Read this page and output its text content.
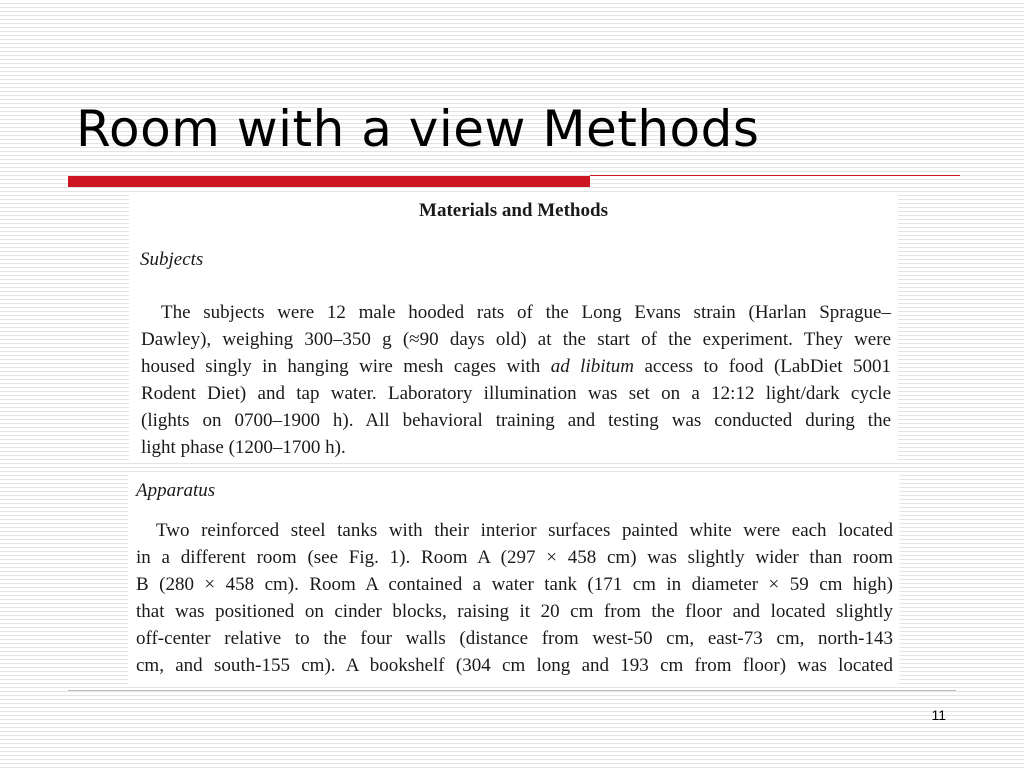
Room with a view Methods
Materials and Methods
Subjects
The subjects were 12 male hooded rats of the Long Evans strain (Harlan Sprague–
Dawley), weighing 300–350 g (≈90 days old) at the start of the experiment. They were
housed singly in hanging wire mesh cages with ad libitum access to food (LabDiet 5001
Rodent Diet) and tap water. Laboratory illumination was set on a 12:12 light/dark cycle
(lights on 0700–1900 h). All behavioral training and testing was conducted during the
light phase (1200–1700 h).
Apparatus
Two reinforced steel tanks with their interior surfaces painted white were each located
in a different room (see Fig. 1). Room A (297 × 458 cm) was slightly wider than room
B (280 × 458 cm). Room A contained a water tank (171 cm in diameter × 59 cm high)
that was positioned on cinder blocks, raising it 20 cm from the floor and located slightly
off-center relative to the four walls (distance from west-50 cm, east-73 cm, north-143
cm, and south-155 cm). A bookshelf (304 cm long and 193 cm from floor) was located
11
